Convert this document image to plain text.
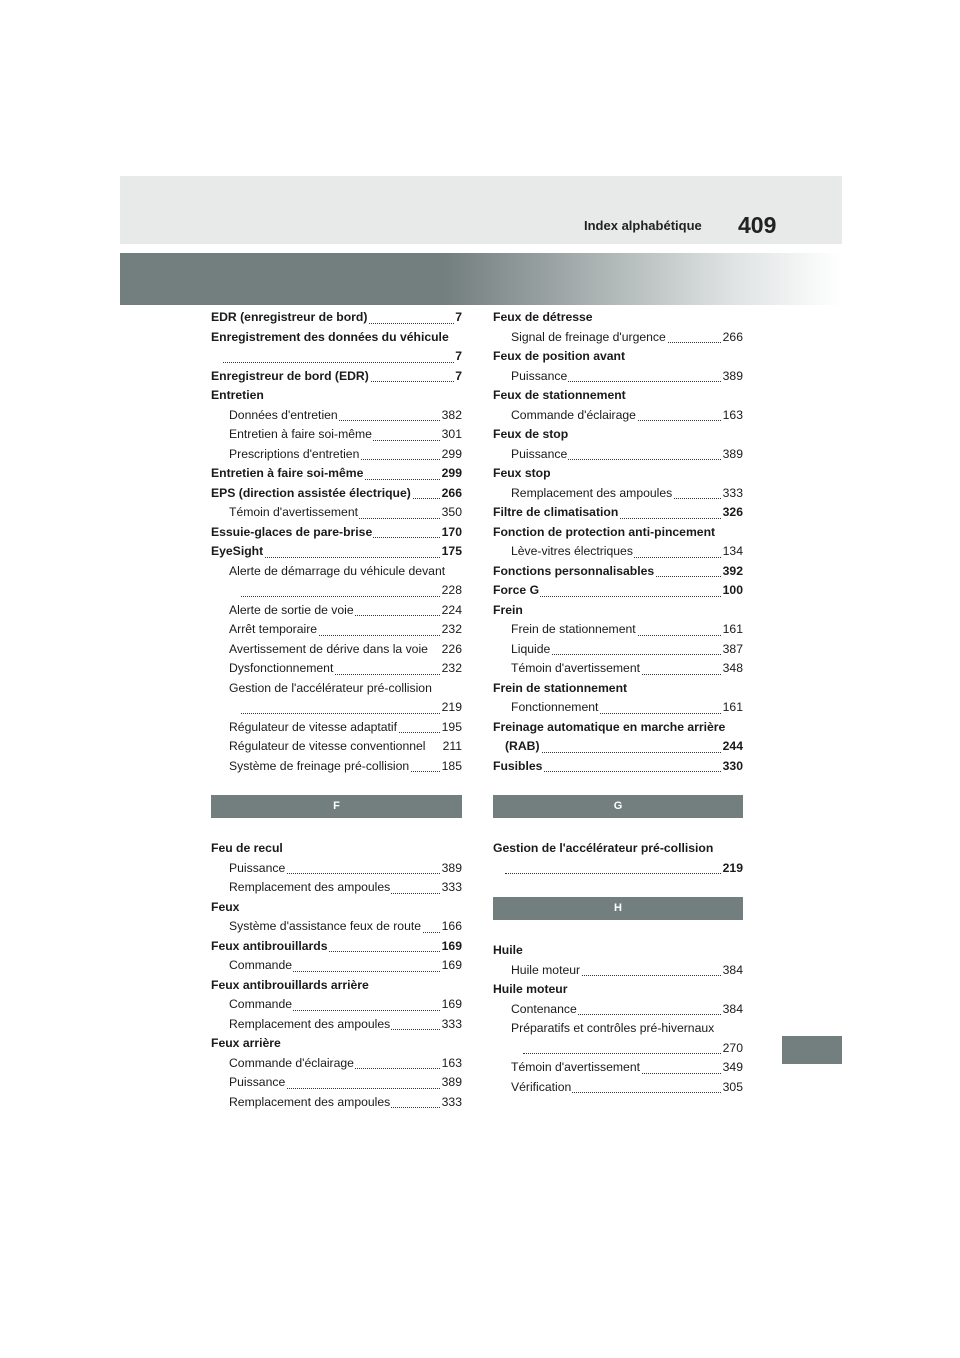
Index alphabétique 409
EDR (enregistreur de bord)	7
Enregistrement des données du véhicule
7
Enregistreur de bord (EDR)	7
Entretien
Données d'entretien	382
Entretien à faire soi-même	301
Prescriptions d'entretien	299
Entretien à faire soi-même	299
EPS (direction assistée électrique)	266
Témoin d'avertissement	350
Essuie-glaces de pare-brise	170
EyeSight	175
Alerte de démarrage du véhicule devant
228
Alerte de sortie de voie	224
Arrêt temporaire	232
Avertissement de dérive dans la voie 226
Dysfonctionnement	232
Gestion de l'accélérateur pré-collision
219
Régulateur de vitesse adaptatif	195
Régulateur de vitesse conventionnel 211
Système de freinage pré-collision	185
F
Feu de recul
Puissance	389
Remplacement des ampoules	333
Feux
Système d'assistance feux de route 166
Feux antibrouillards	169
Commande	169
Feux antibrouillards arrière
Commande	169
Remplacement des ampoules	333
Feux arrière
Commande d'éclairage	163
Puissance	389
Remplacement des ampoules	333
Feux de détresse
Signal de freinage d'urgence	266
Feux de position avant
Puissance	389
Feux de stationnement
Commande d'éclairage	163
Feux de stop
Puissance	389
Feux stop
Remplacement des ampoules	333
Filtre de climatisation	326
Fonction de protection anti-pincement
Lève-vitres électriques	134
Fonctions personnalisables	392
Force G	100
Frein
Frein de stationnement	161
Liquide	387
Témoin d'avertissement	348
Frein de stationnement
Fonctionnement	161
Freinage automatique en marche arrière
(RAB)	244
Fusibles	330
G
Gestion de l'accélérateur pré-collision
219
H
Huile
Huile moteur	384
Huile moteur
Contenance	384
Préparatifs et contrôles pré-hivernaux
270
Témoin d'avertissement	349
Vérification	305
